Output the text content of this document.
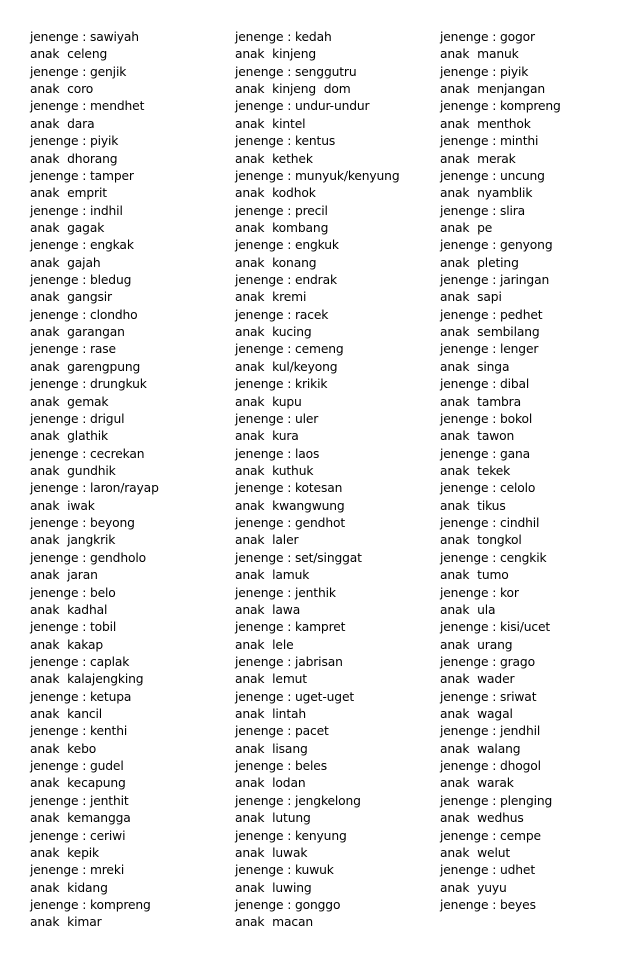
jenenge : sawiyah
anak celeng
jenenge : genjik
anak coro
jenenge : mendhet
anak dara
jenenge : piyik
anak dhorang
jenenge : tamper
anak emprit
jenenge : indhil
anak gagak
jenenge : engkak
anak gajah
jenenge : bledug
anak gangsir
jenenge : clondho
anak garangan
jenenge : rase
anak garengpung
jenenge : drungkuk
anak gemak
jenenge : drigul
anak glathik
jenenge : cecrekan
anak gundhik
jenenge : laron/rayap
anak iwak
jenenge : beyong
anak jangkrik
jenenge : gendholo
anak jaran
jenenge : belo
anak kadhal
jenenge : tobil
anak kakap
jenenge : caplak
anak kalajengking
jenenge : ketupa
anak kancil
jenenge : kenthi
anak kebo
jenenge : gudel
anak kecapung
jenenge : jenthit
anak kemangga
jenenge : ceriwi
anak kepik
jenenge : mreki
anak kidang
jenenge : kompreng
anak kimar
jenenge : kedah
anak kinjeng
jenenge : senggutru
anak kinjeng dom
jenenge : undur-undur
anak kintel
jenenge : kentus
anak kethek
jenenge : munyuk/kenyung
anak kodhok
jenenge : precil
anak kombang
jenenge : engkuk
anak konang
jenenge : endrak
anak kremi
jenenge : racek
anak kucing
jenenge : cemeng
anak kul/keyong
jenenge : krikik
anak kupu
jenenge : uler
anak kura
jenenge : laos
anak kuthuk
jenenge : kotesan
anak kwangwung
jenenge : gendhot
anak laler
jenenge : set/singgat
anak lamuk
jenenge : jenthik
anak lawa
jenenge : kampret
anak lele
jenenge : jabrisan
anak lemut
jenenge : uget-uget
anak lintah
jenenge : pacet
anak lisang
jenenge : beles
anak lodan
jenenge : jengkelong
anak lutung
jenenge : kenyung
anak luwak
jenenge : kuwuk
anak luwing
jenenge : gonggo
anak macan
jenenge : gogor
anak manuk
jenenge : piyik
anak menjangan
jenenge : kompreng
anak menthok
jenenge : minthi
anak merak
jenenge : uncung
anak nyamblik
jenenge : slira
anak pe
jenenge : genyong
anak pleting
jenenge : jaringan
anak sapi
jenenge : pedhet
anak sembilang
jenenge : lenger
anak singa
jenenge : dibal
anak tambra
jenenge : bokol
anak tawon
jenenge : gana
anak tekek
jenenge : celolo
anak tikus
jenenge : cindhil
anak tongkol
jenenge : cengkik
anak tumo
jenenge : kor
anak ula
jenenge : kisi/ucet
anak urang
jenenge : grago
anak wader
jenenge : sriwat
anak wagal
jenenge : jendhil
anak walang
jenenge : dhogol
anak warak
jenenge : plenging
anak wedhus
jenenge : cempe
anak welut
jenenge : udhet
anak yuyu
jenenge : beyes
